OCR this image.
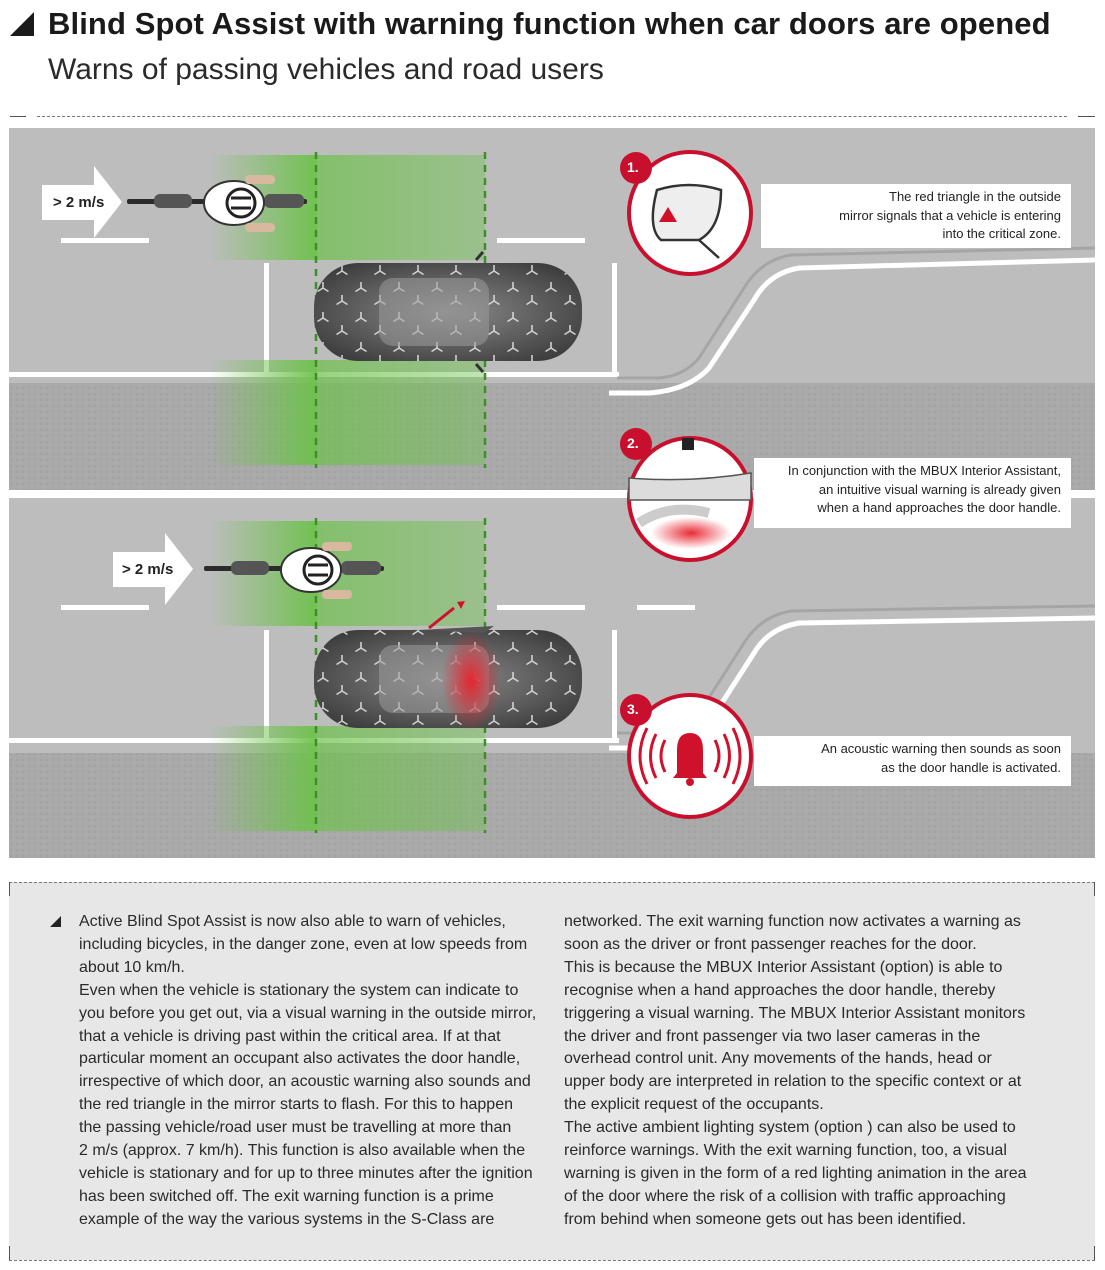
Blind Spot Assist with warning function when car doors are opened
Warns of passing vehicles and road users
> 2 m/s
> 2 m/s
1.
2.
3.
The red triangle in the outside
mirror signals that a vehicle is entering
into the critical zone.
In conjunction with the MBUX Interior Assistant,
an intuitive visual warning is already given
when a hand approaches the door handle.
An acoustic warning then sounds as soon
as the door handle is activated.

Active Blind Spot Assist is now also able to warn of vehicles,

including bicycles, in the danger zone, even at low speeds from

about 10 km/h.

Even when the vehicle is stationary the system can indicate to

you before you get out, via a visual warning in the outside mirror,

that a vehicle is driving past within the critical area. If at that

particular moment an occupant also activates the door handle,

irrespective of which door, an acoustic warning also sounds and

the red triangle in the mirror starts to flash. For this to happen

the passing vehicle/road user must be travelling at more than

2 m/s (approx. 7 km/h). This function is also available when the

vehicle is stationary and for up to three minutes after the ignition

has been switched off. The exit warning function is a prime

example of the way the various systems in the S-Class are

networked. The exit warning function now activates a warning as

soon as the driver or front passenger reaches for the door.

This is because the MBUX Interior Assistant (option) is able to

recognise when a hand approaches the door handle, thereby

triggering a visual warning. The MBUX Interior Assistant monitors

the driver and front passenger via two laser cameras in the

overhead control unit. Any movements of the hands, head or

upper body are interpreted in relation to the specific context or at

the explicit request of the occupants.

The active ambient lighting system (option ) can also be used to

reinforce warnings. With the exit warning function, too, a visual

warning is given in the form of a red lighting animation in the area

of the door where the risk of a collision with traffic approaching

from behind when someone gets out has been identified.
